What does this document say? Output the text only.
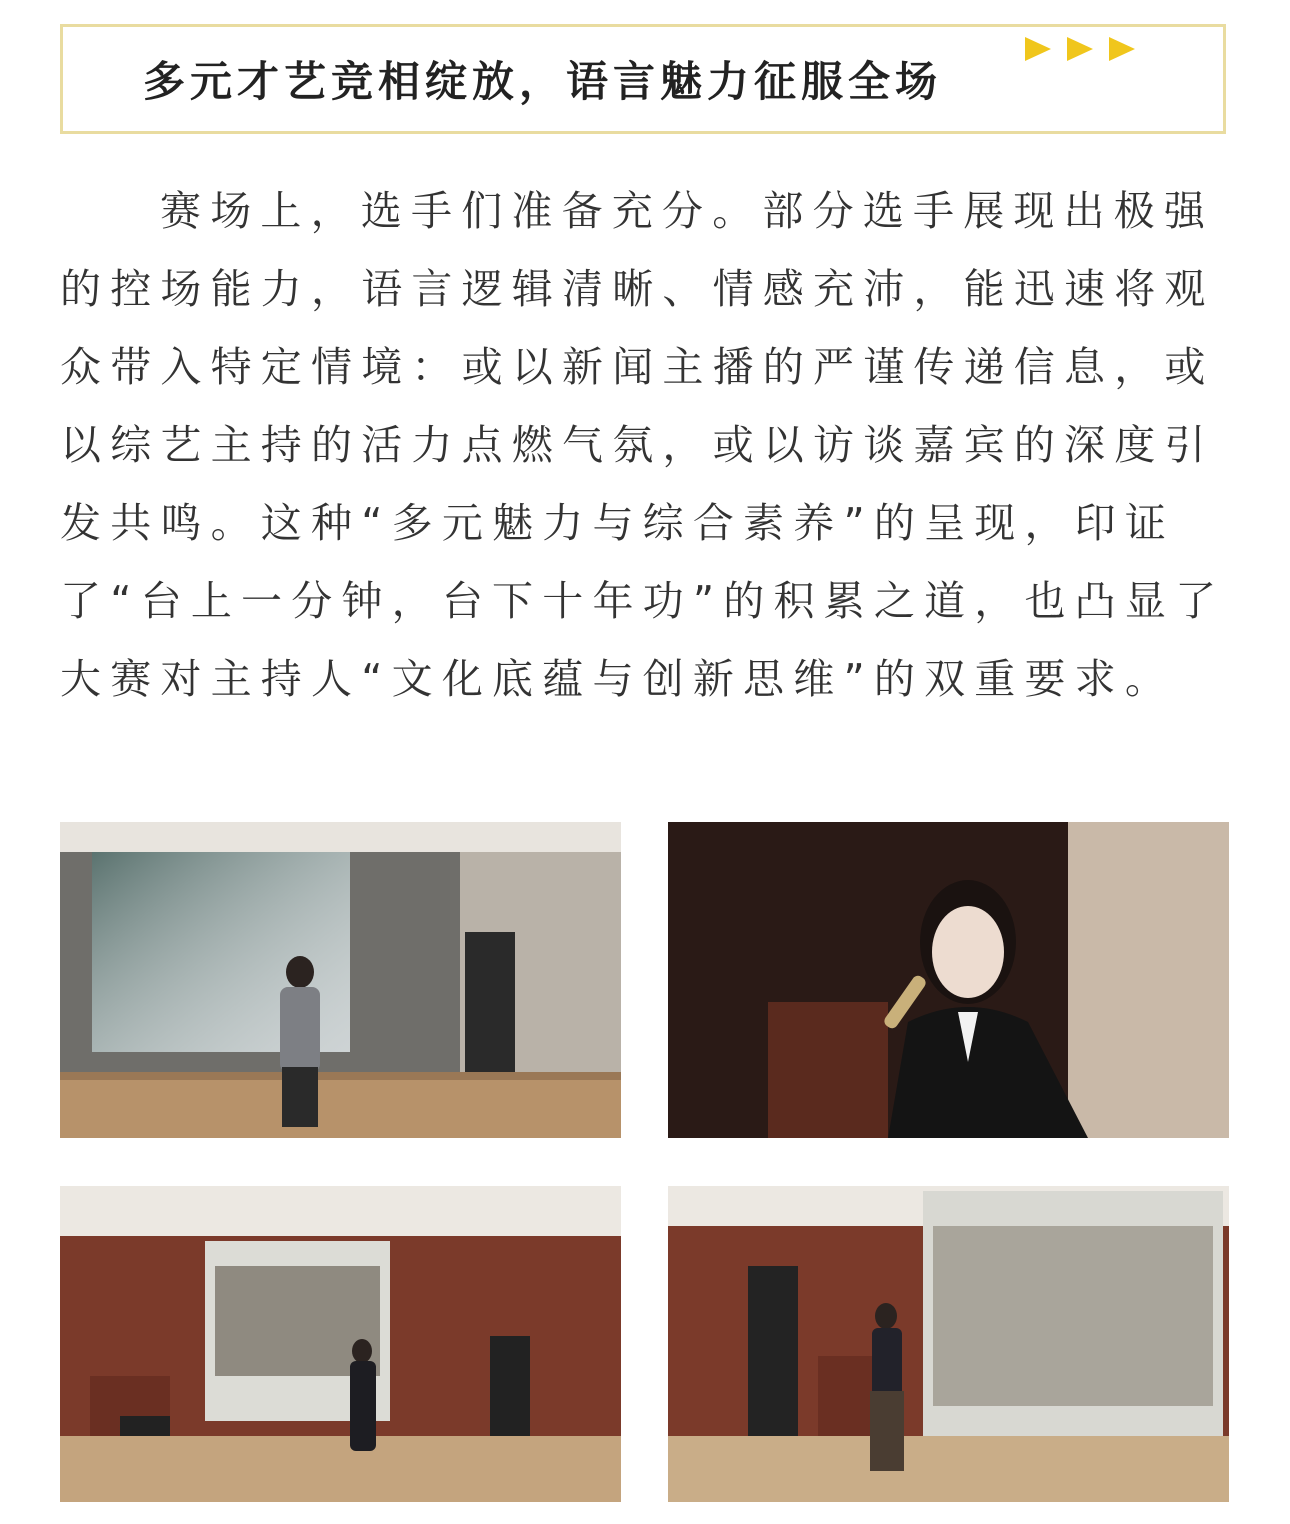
多元才艺竞相绽放，语言魅力征服全场
赛场上，选手们准备充分。部分选手展现出极强的控场能力，语言逻辑清晰、情感充沛，能迅速将观众带入特定情境：或以新闻主播的严谨传递信息，或以综艺主持的活力点燃气氛，或以访谈嘉宾的深度引发共鸣。这种“多元魅力与综合素养”的呈现，印证了“台上一分钟，台下十年功”的积累之道，也凸显了大赛对主持人“文化底蕴与创新思维”的双重要求。
